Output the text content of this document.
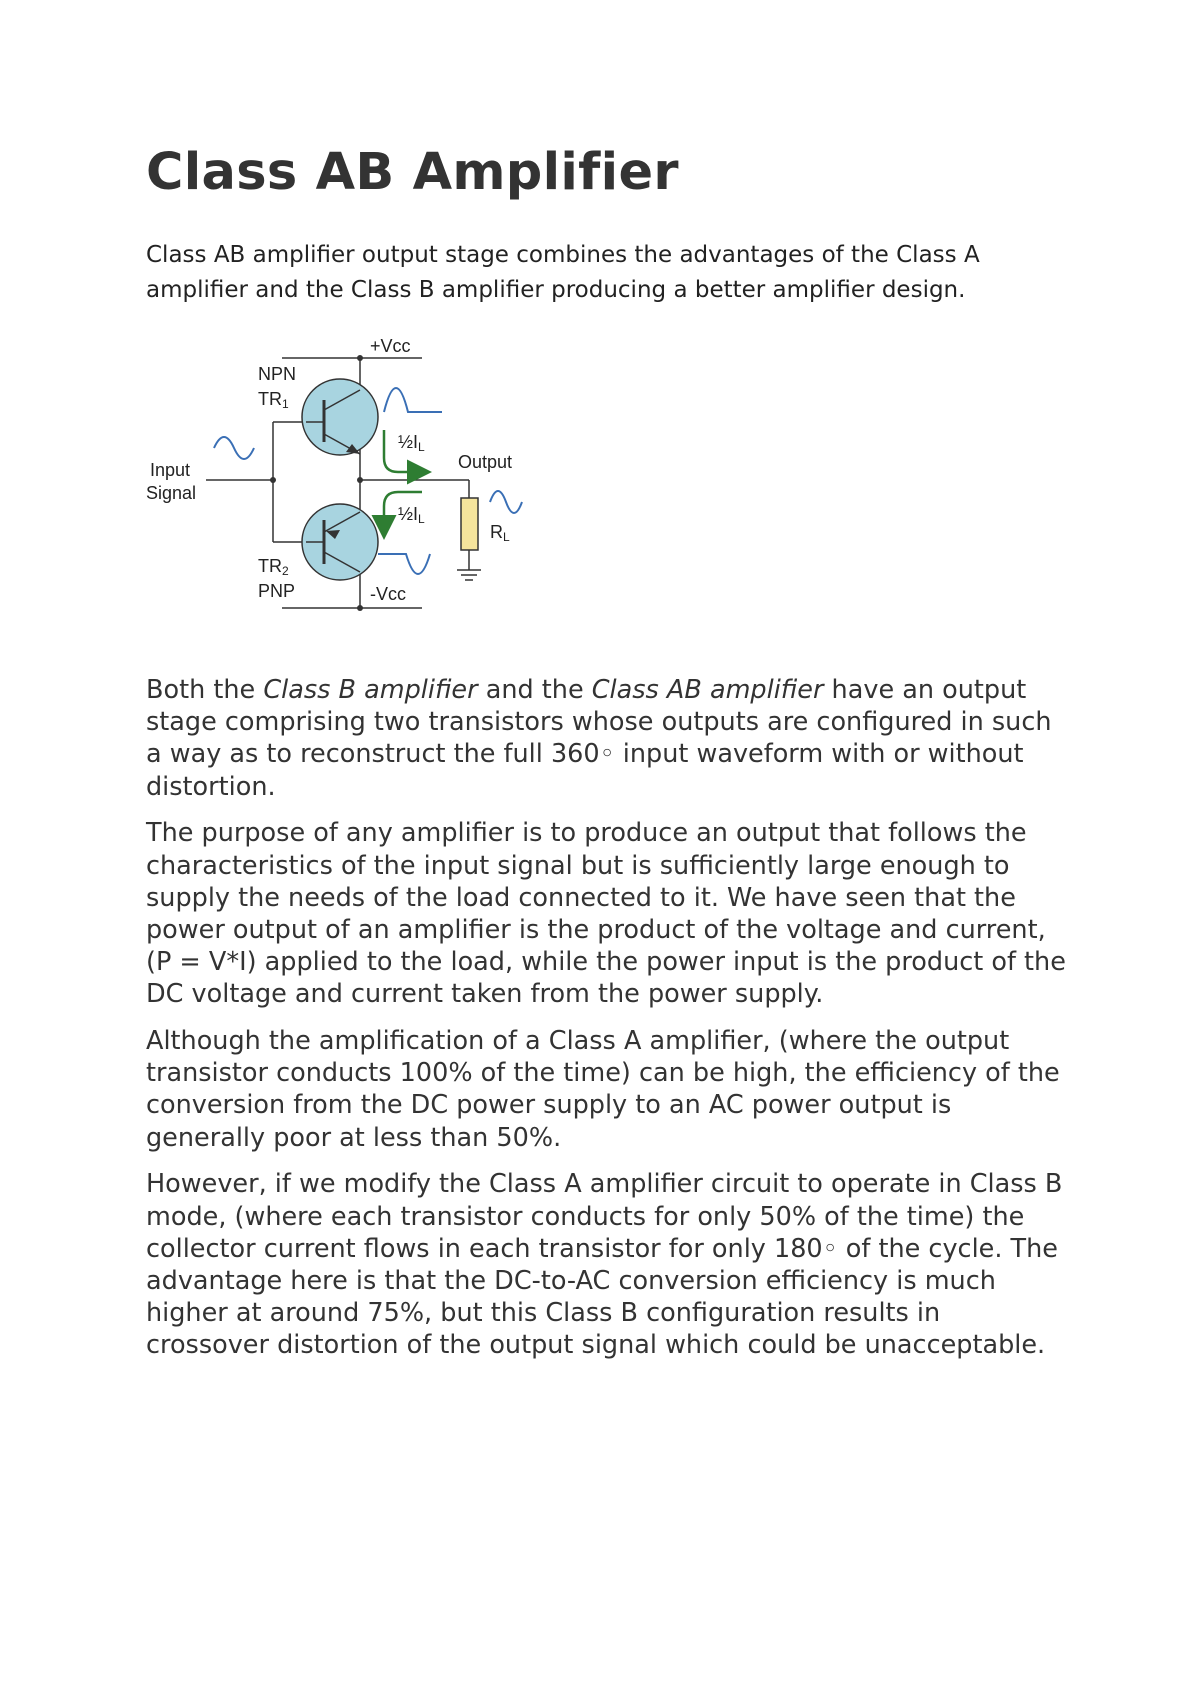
Class AB Amplifier

Class AB amplifier output stage combines the advantages of the Class A amplifier and the Class B amplifier producing a better amplifier design.

+Vcc
-Vcc
NPN
TR1
TR2
PNP
Input
Signal
Output
½IL
½IL
RL

Both the Class B amplifier and the Class AB amplifier have an output stage comprising two transistors whose outputs are configured in such a way as to reconstruct the full 360◦ input waveform with or without distortion.

The purpose of any amplifier is to produce an output that follows the characteristics of the input signal but is sufficiently large enough to supply the needs of the load connected to it. We have seen that the power output of an amplifier is the product of the voltage and current, (P = V*I) applied to the load, while the power input is the product of the DC voltage and current taken from the power supply.

Although the amplification of a Class A amplifier, (where the output transistor conducts 100% of the time) can be high, the efficiency of the conversion from the DC power supply to an AC power output is generally poor at less than 50%.

However, if we modify the Class A amplifier circuit to operate in Class B mode, (where each transistor conducts for only 50% of the time) the collector current flows in each transistor for only 180◦ of the cycle. The advantage here is that the DC-to-AC conversion efficiency is much higher at around 75%, but this Class B configuration results in crossover distortion of the output signal which could be unacceptable.
